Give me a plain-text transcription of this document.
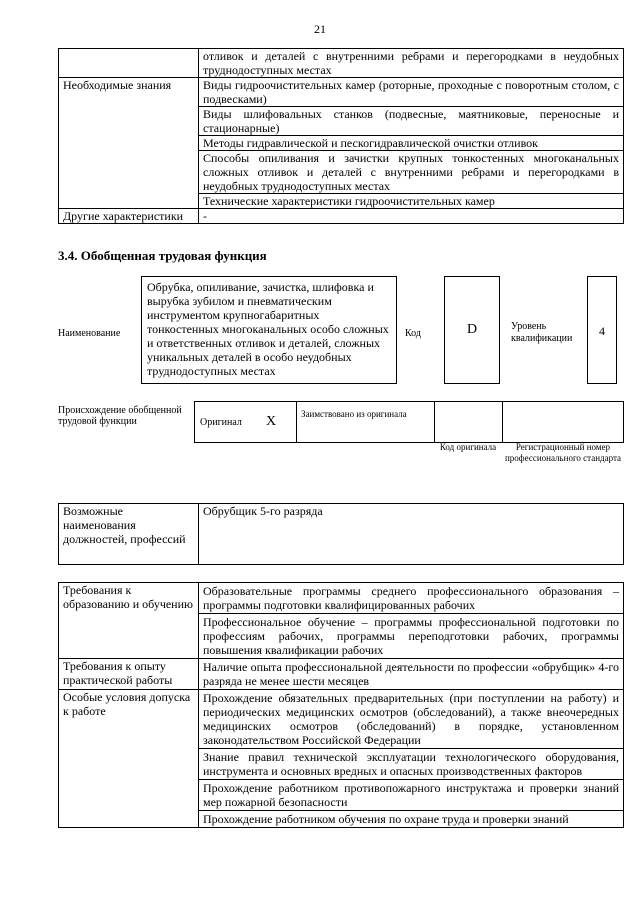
21
	отливок и деталей с внутренними ребрами и перегородками в неудобных труднодоступных местах
Необходимые знания	Виды гидроочистительных камер (роторные, проходные с поворотным столом, с подвесками)
	Виды шлифовальных станков (подвесные, маятниковые, переносные и стационарные)
	Методы гидравлической и пескогидравлической очистки отливок
	Способы опиливания и зачистки крупных тонкостенных многоканальных сложных отливок и деталей с внутренними ребрами и перегородками в неудобных труднодоступных местах
	Технические характеристики гидроочистительных камер
Другие характеристики	-
3.4. Обобщенная трудовая функция
Наименование
Обрубка, опиливание, зачистка, шлифовка и вырубка зубилом и пневматическим инструментом крупногабаритных тонкостенных многоканальных особо сложных и ответственных отливок и деталей, сложных уникальных деталей в особо неудобных труднодоступных местах
Код	D	Уровень квалификации
4
Происхождение обобщенной трудовой функции	Оригинал X	Заимствовано из оригинала
Код оригинала	Регистрационный номер профессионального стандарта
Возможные наименования должностей, профессий	Обрубщик 5-го разряда
Требования к образованию и обучению	Образовательные программы среднего профессионального образования – программы подготовки квалифицированных рабочих
	Профессиональное обучение – программы профессиональной подготовки по профессиям рабочих, программы переподготовки рабочих, программы повышения квалификации рабочих
Требования к опыту практической работы	Наличие опыта профессиональной деятельности по профессии «обрубщик» 4-го разряда не менее шести месяцев
Особые условия допуска к работе	Прохождение обязательных предварительных (при поступлении на работу) и периодических медицинских осмотров (обследований), а также внеочередных медицинских осмотров (обследований) в порядке, установленном законодательством Российской Федерации
	Знание правил технической эксплуатации технологического оборудования, инструмента и основных вредных и опасных производственных факторов
	Прохождение работником противопожарного инструктажа и проверки знаний мер пожарной безопасности
	Прохождение работником обучения по охране труда и проверки знаний
